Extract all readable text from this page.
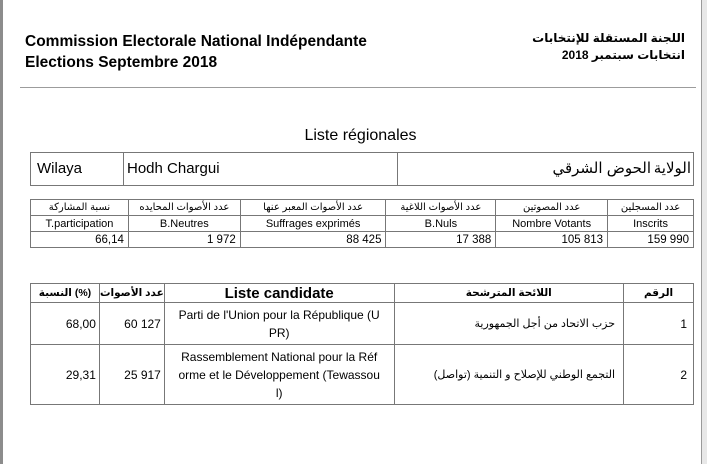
Commission Electorale National Indépendante
Elections Septembre 2018
اللجنة المستقلة للإنتخابات
انتخابات سبتمبر 2018
Liste régionales
Wilaya	Hodh Chargui	الحوض الشرقي الولاية
نسبة المشاركة	عدد الأصوات المحايده	عدد الأصوات المعبر عنها	عدد الأصوات اللاغية	عدد المصوتين	عدد المسجلين
T.participation	B.Neutres	Suffrages exprimés	B.Nuls	Nombre Votants	Inscrits
66,14	1 972	88 425	17 388	105 813	159 990
(%) النسبة	عدد الأصوات	Liste candidate	اللائحة المترشحة	الرقم
68,00	60 127	Parti de l'Union pour la République (U
PR)	حزب الاتحاد من أجل الجمهورية	1
29,31	25 917	Rassemblement National pour la Réf
orme et le Développement (Tewassou
l)	التجمع الوطني للإصلاح و التنمية (تواصل)	2
